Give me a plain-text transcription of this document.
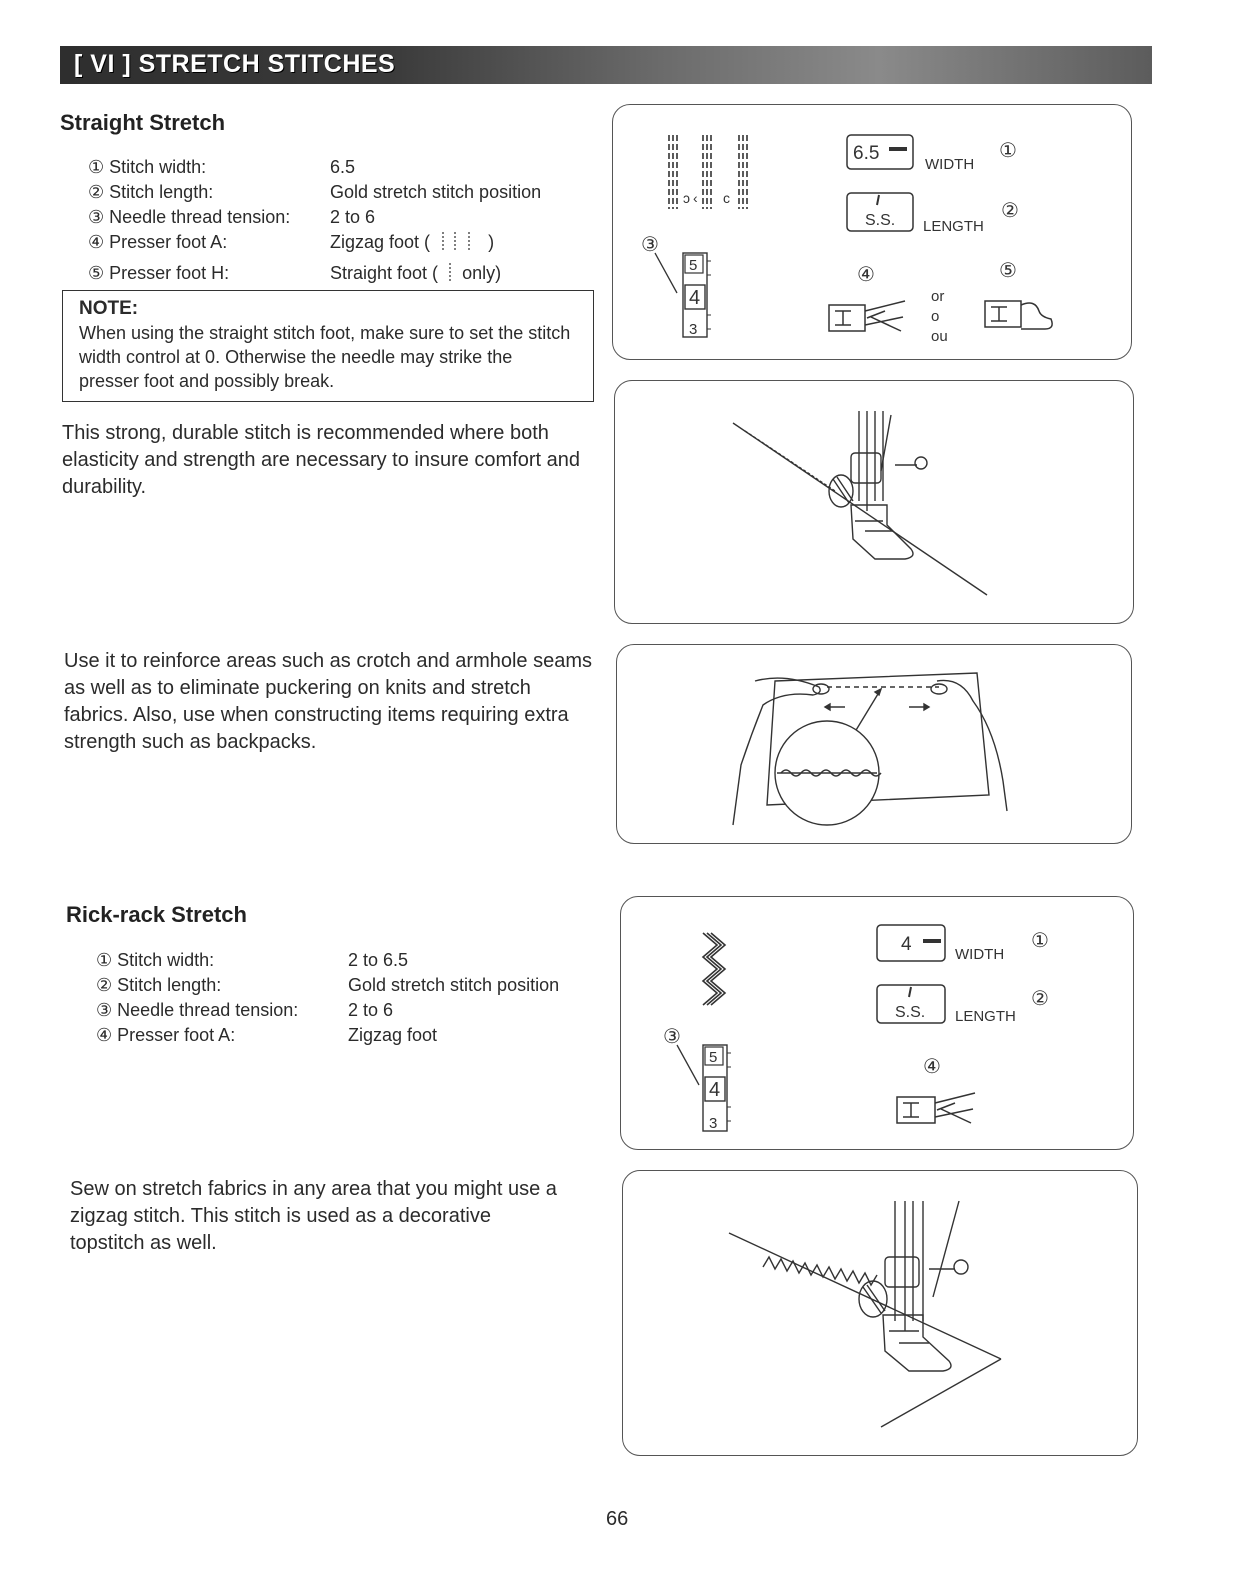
[ VI ] STRETCH STITCHES
Straight Stretch
① Stitch width:	6.5
② Stitch length:	Gold stretch stitch position
③ Needle thread tension: 2 to 6
④ Presser foot A:	Zigzag foot (	)
⑤ Presser foot H:	Straight foot ( only)
NOTE:
When using the straight stitch foot, make sure to set the stitch width control at 0. Otherwise the needle may strike the presser foot and possibly break.
This strong, durable stitch is recommended where both elasticity and strength are necessary to insure comfort and durability.
Use it to reinforce areas such as crotch and armhole seams as well as to eliminate puckering on knits and stretch fabrics. Also, use when constructing items requiring extra strength such as backpacks.
ↄ ‹ c
③
5
4
3
6.5
WIDTH
①
S.S. LENGTH
②
④	⑤
or
o
ou
Rick-rack Stretch
① Stitch width:	2 to 6.5
② Stitch length:	Gold stretch stitch position
③ Needle thread tension:	2 to 6
④ Presser foot A:	Zigzag foot
Sew on stretch fabrics in any area that you might use a zigzag stitch. This stitch is used as a decorative topstitch as well.
③
5
4
3
4	WIDTH
①
S.S. LENGTH
②
④
66
